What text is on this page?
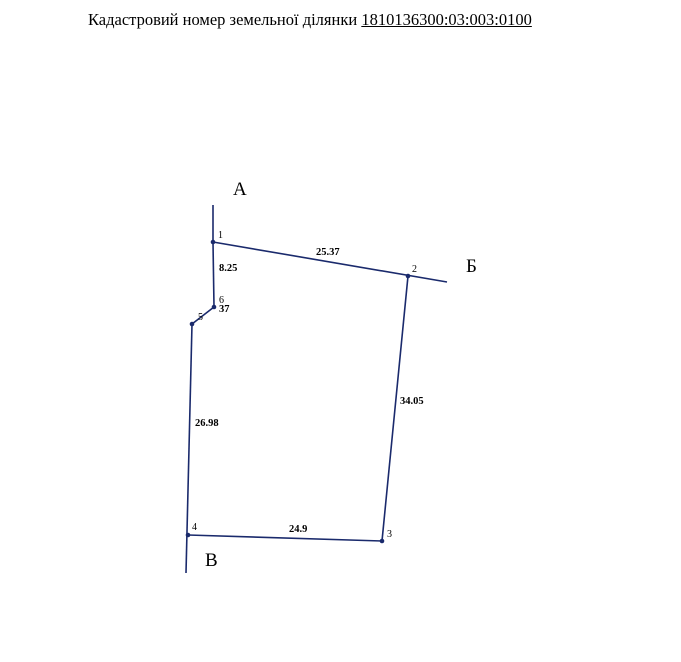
Кадастровий номер земельної ділянки 1810136300:03:003:0100
1
2
3
4
5
6
25.37
34.05
24.9
26.98
37
8.25
А
Б
В
